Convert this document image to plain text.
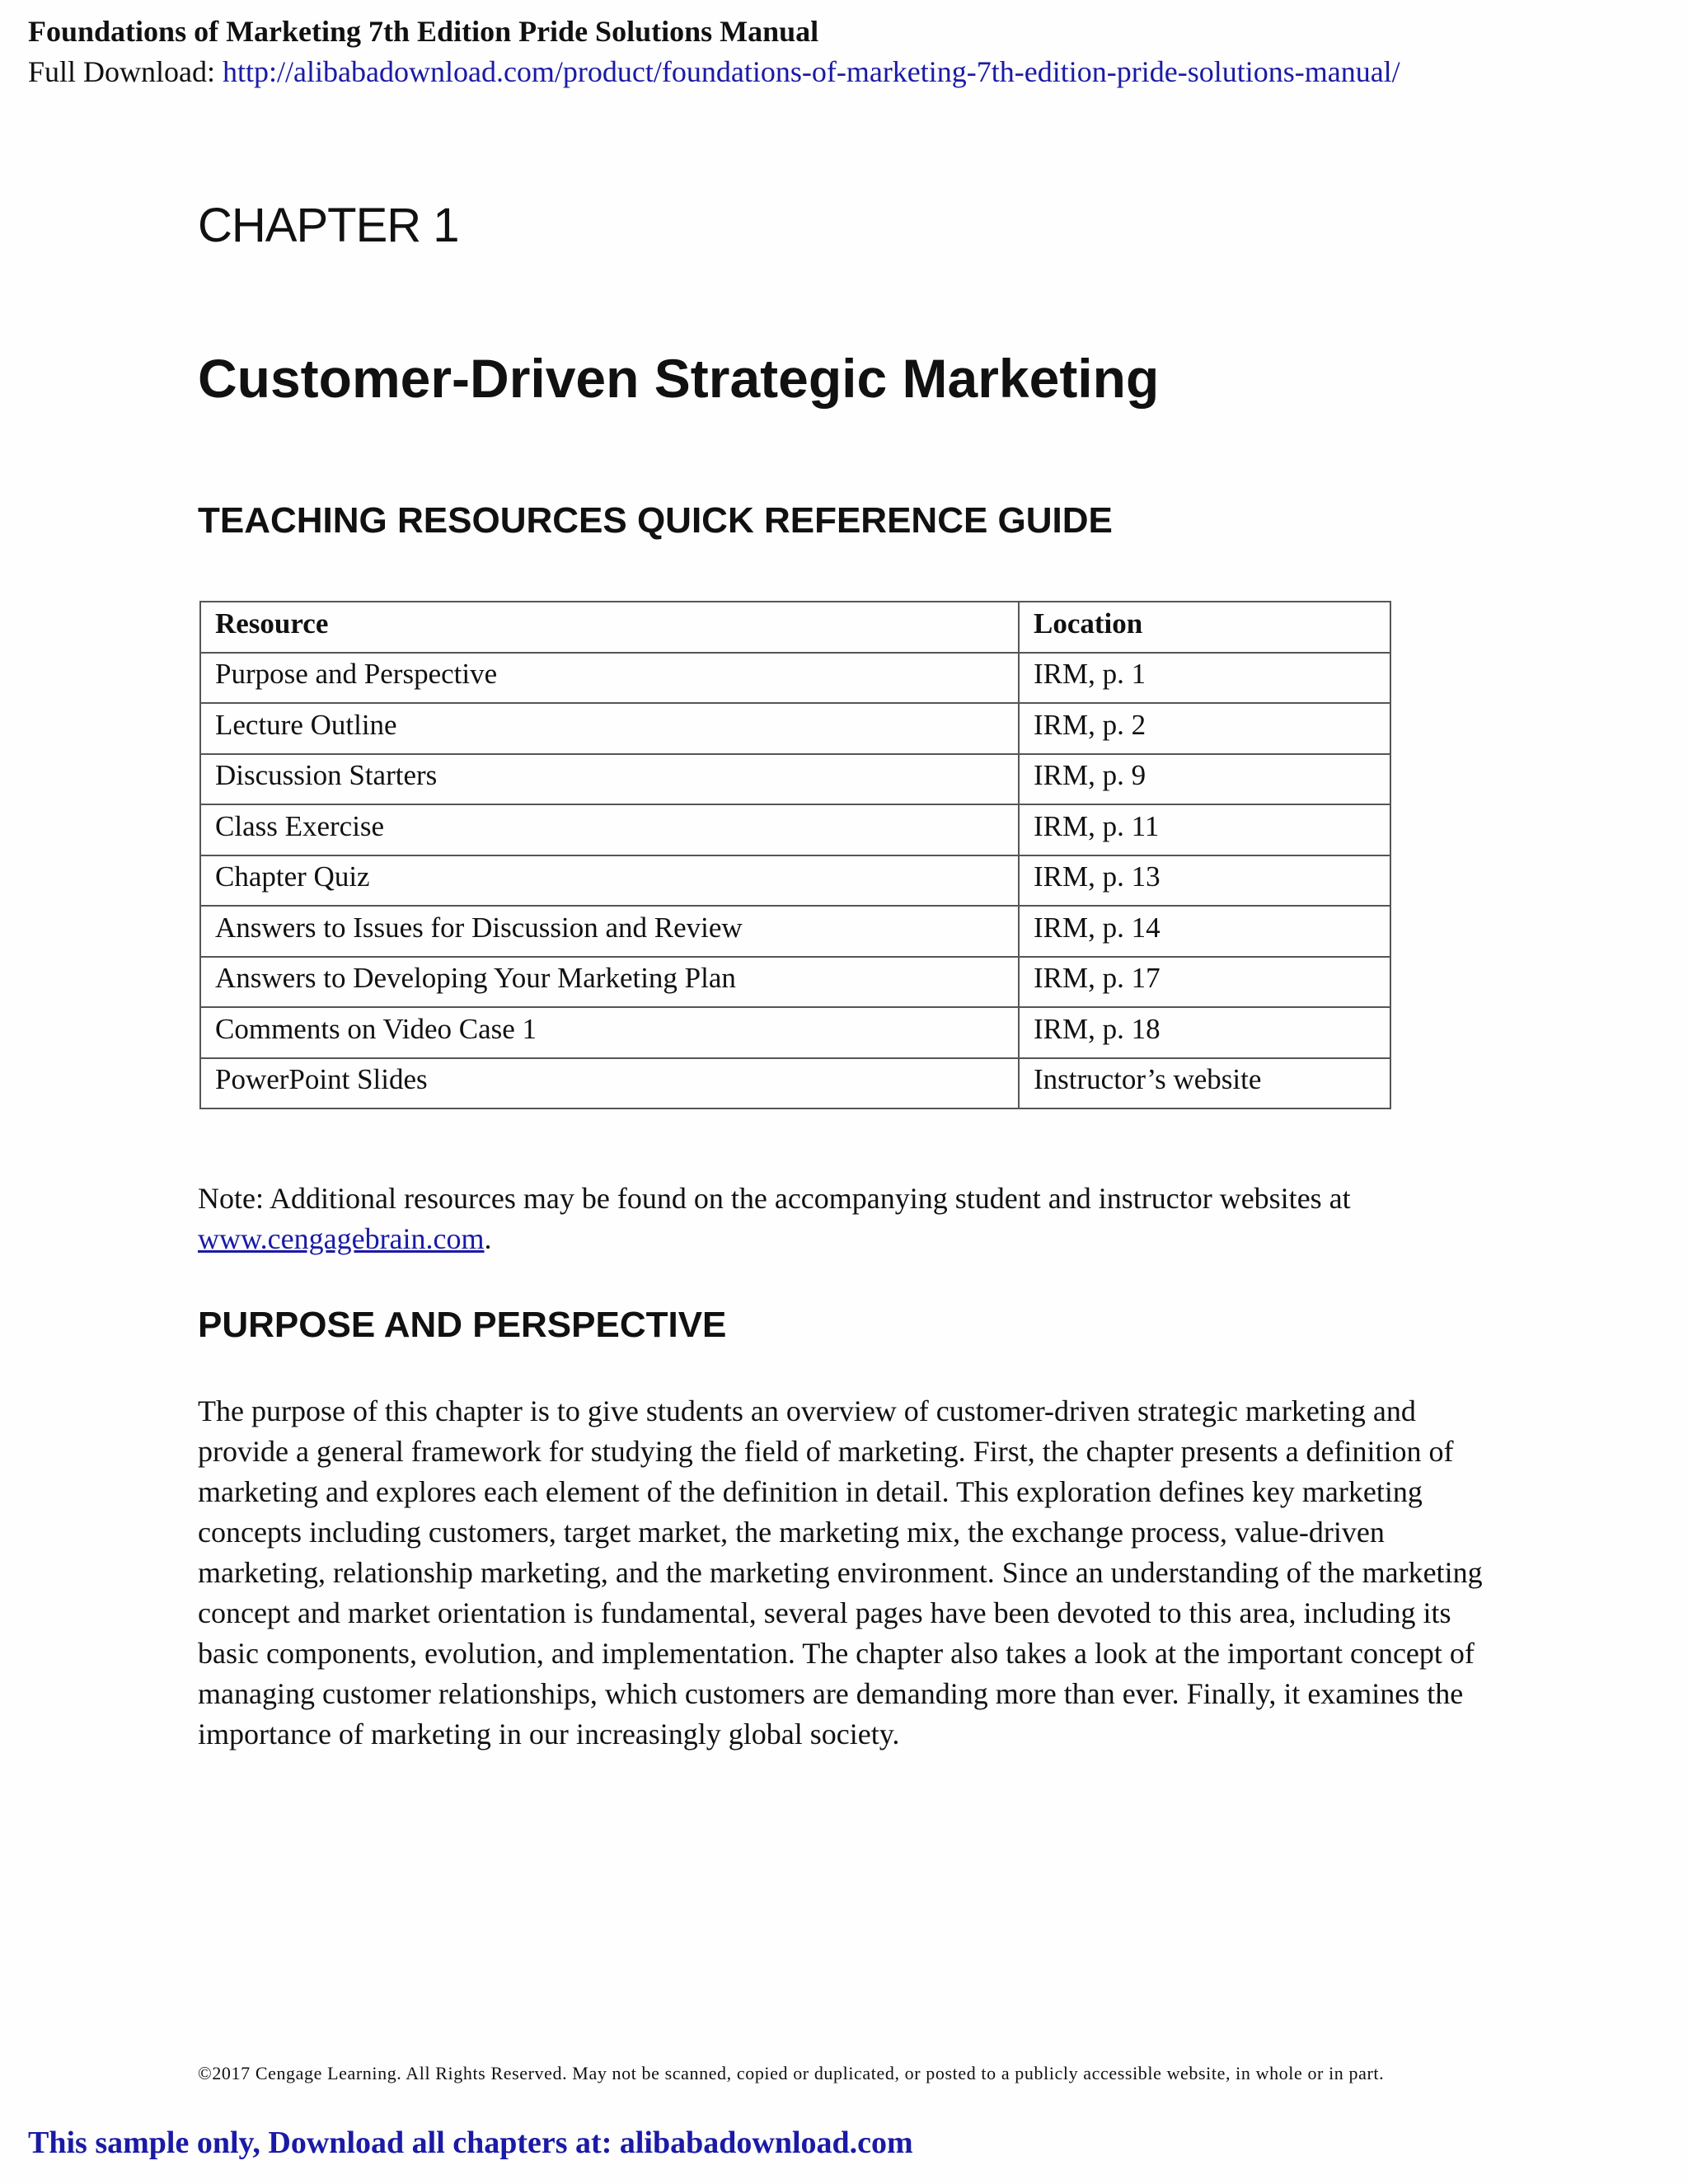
Foundations of Marketing 7th Edition Pride Solutions Manual
Full Download: http://alibabadownload.com/product/foundations-of-marketing-7th-edition-pride-solutions-manual/
CHAPTER 1
Customer-Driven Strategic Marketing
TEACHING RESOURCES QUICK REFERENCE GUIDE
Resource	Location
Purpose and Perspective	IRM, p. 1
Lecture Outline	IRM, p. 2
Discussion Starters	IRM, p. 9
Class Exercise	IRM, p. 11
Chapter Quiz	IRM, p. 13
Answers to Issues for Discussion and Review	IRM, p. 14
Answers to Developing Your Marketing Plan	IRM, p. 17
Comments on Video Case 1	IRM, p. 18
PowerPoint Slides	Instructor’s website
Note: Additional resources may be found on the accompanying student and instructor websites at www.cengagebrain.com.
PURPOSE AND PERSPECTIVE
The purpose of this chapter is to give students an overview of customer-driven strategic marketing and provide a general framework for studying the field of marketing. First, the chapter presents a definition of marketing and explores each element of the definition in detail. This exploration defines key marketing concepts including customers, target market, the marketing mix, the exchange process, value-driven marketing, relationship marketing, and the marketing environment. Since an understanding of the marketing concept and market orientation is fundamental, several pages have been devoted to this area, including its basic components, evolution, and implementation. The chapter also takes a look at the important concept of managing customer relationships, which customers are demanding more than ever. Finally, it examines the importance of marketing in our increasingly global society.
©2017 Cengage Learning. All Rights Reserved. May not be scanned, copied or duplicated, or posted to a publicly accessible website, in whole or in part.
This sample only, Download all chapters at: alibabadownload.com
